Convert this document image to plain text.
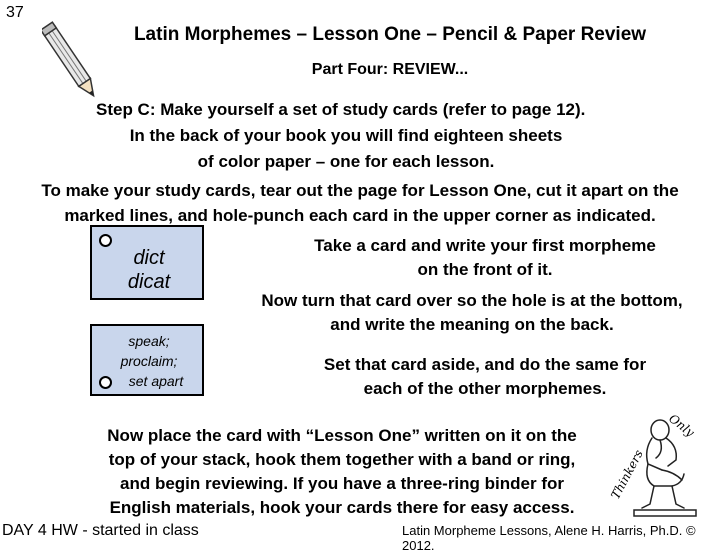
37
Latin Morphemes – Lesson One – Pencil & Paper Review
Part Four: REVIEW...
Step C: Make yourself a set of study cards (refer to page 12).
In the back of your book you will find eighteen sheets
of color paper – one for each lesson.
To make your study cards, tear out the page for Lesson One, cut it apart on the
marked lines, and hole-punch each card in the upper corner as indicated.
dict
dicat
speak;
proclaim;
set apart
Take a card and write your first morpheme
on the front of it.
Now turn that card over so the hole is at the bottom,
and write the meaning on the back.
Set that card aside, and do the same for
each of the other morphemes.
Now place the card with “Lesson One” written on it on the
top of your stack, hook them together with a band or ring,
and begin reviewing. If you have a three-ring binder for
English materials, hook your cards there for easy access.
Thinkers
Only
DAY 4 HW - started in class	Latin Morpheme Lessons, Alene H. Harris, Ph.D. © 2012.
